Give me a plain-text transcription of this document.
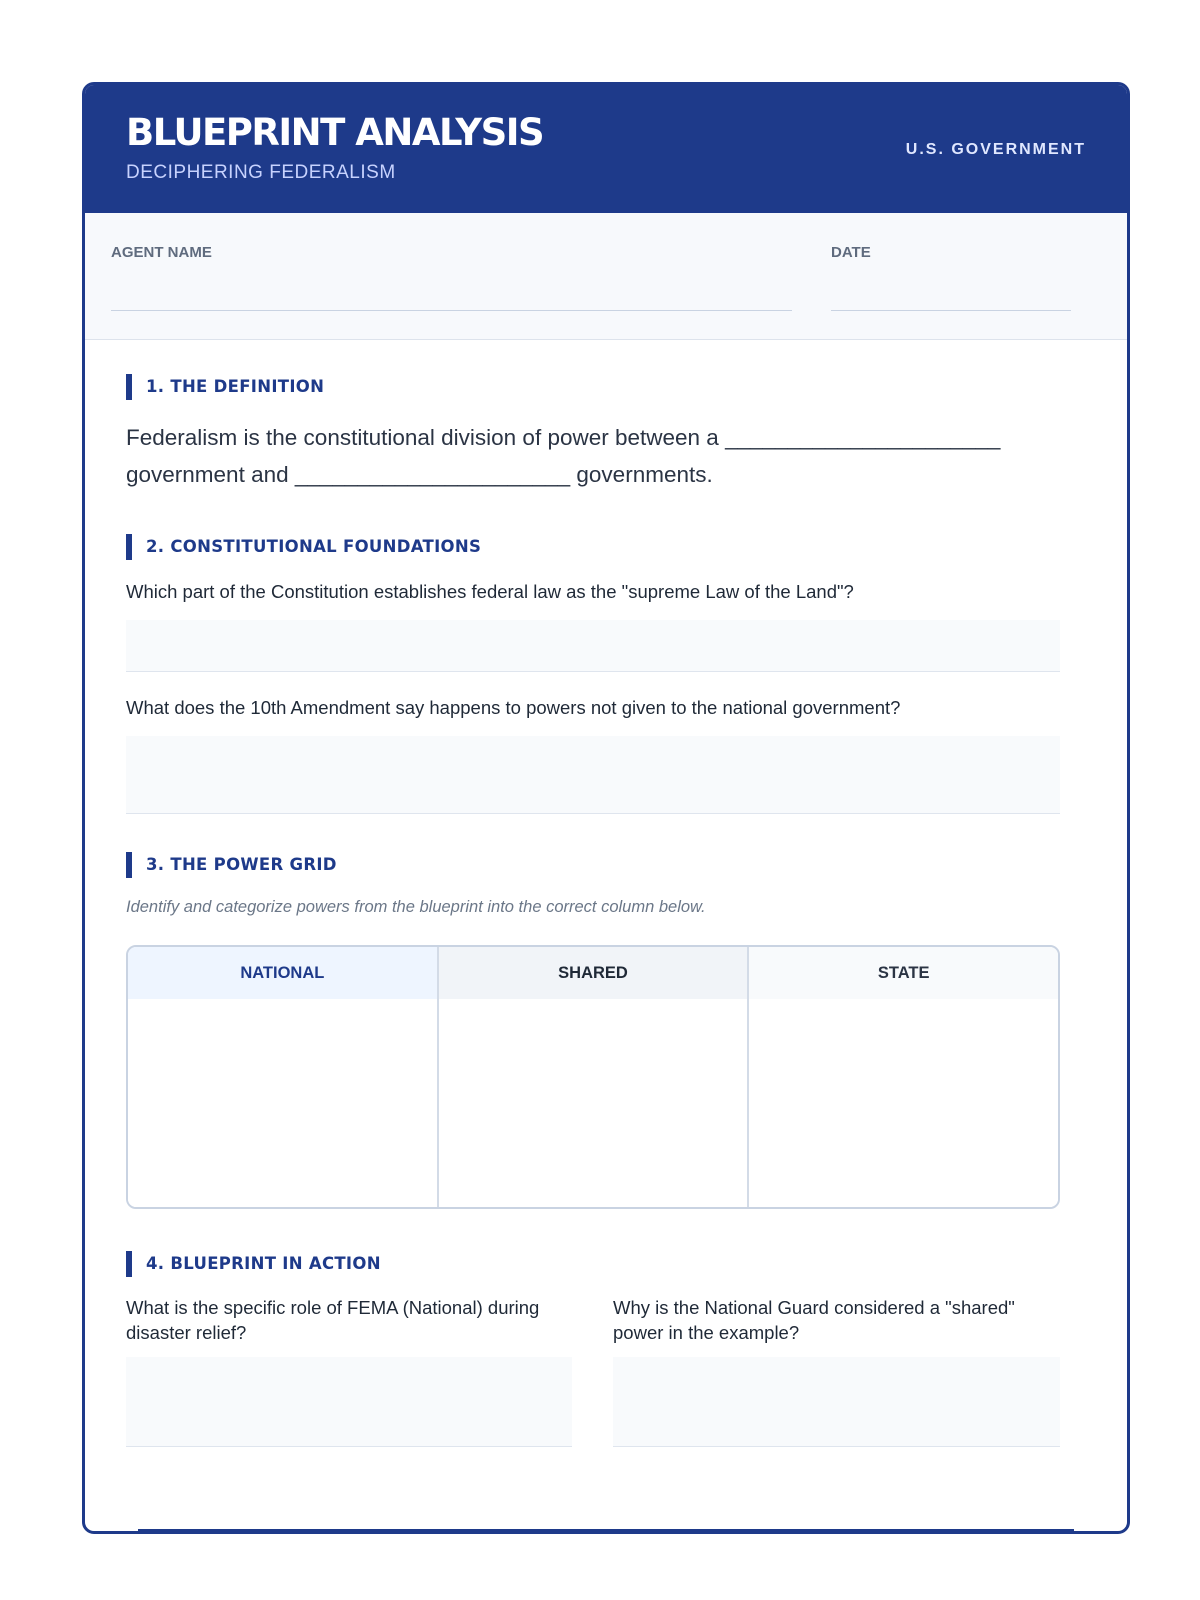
BLUEPRINT ANALYSIS
DECIPHERING FEDERALISM
U.S. GOVERNMENT
AGENT NAME	DATE
1. THE DEFINITION
Federalism is the constitutional division of power between a ______________________
government and ______________________ governments.
2. CONSTITUTIONAL FOUNDATIONS
Which part of the Constitution establishes federal law as the "supreme Law of the Land"?
What does the 10th Amendment say happens to powers not given to the national government?
3. THE POWER GRID
Identify and categorize powers from the blueprint into the correct column below.
NATIONAL	SHARED	STATE
4. BLUEPRINT IN ACTION
What is the specific role of FEMA (National) during disaster relief?
Why is the National Guard considered a "shared" power in the example?
